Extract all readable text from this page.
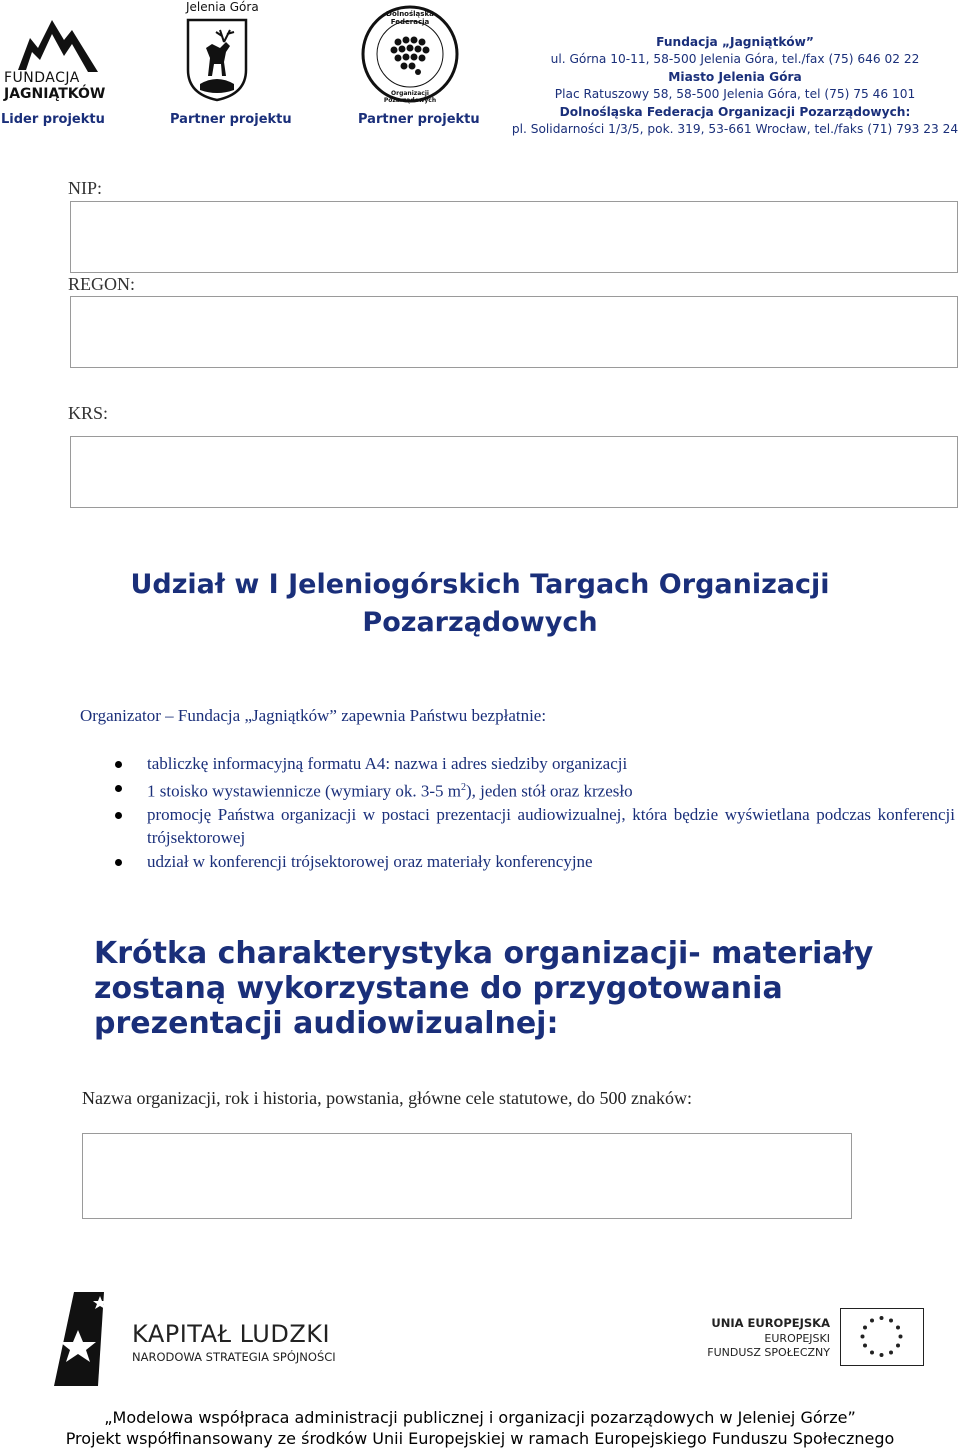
FUNDACJA
JAGNIĄTKÓW
Jelenia Góra	Dolnośląska Federacja
Organizacji Pozarządowych
Lider projektu	Partner projektu	Partner projektu
Fundacja „Jagniątków”
ul. Górna 10-11, 58-500 Jelenia Góra, tel./fax (75) 646 02 22
Miasto Jelenia Góra
Plac Ratuszowy 58, 58-500 Jelenia Góra, tel (75) 75 46 101
Dolnośląska Federacja Organizacji Pozarządowych:
pl. Solidarności 1/3/5, pok. 319, 53-661 Wrocław, tel./faks (71) 793 23 24
NIP:
REGON:
KRS:
Udział w I Jeleniogórskich Targach Organizacji
Pozarządowych
Organizator – Fundacja „Jagniątków” zapewnia Państwu bezpłatnie:
tabliczkę informacyjną formatu A4: nazwa i adres siedziby organizacji
1 stoisko wystawiennicze (wymiary ok. 3-5 $m^2$), jeden stół oraz krzesło
promocję Państwa organizacji w postaci prezentacji audiowizualnej, która będzie wyświetlana podczas konferencji trójsektorowej
udział w konferencji trójsektorowej oraz materiały konferencyjne
Krótka charakterystyka organizacji- materiały zostaną wykorzystane do przygotowania prezentacji audiowizualnej:
Nazwa organizacji, rok i historia, powstania, główne cele statutowe, do 500 znaków:
KAPITAŁ LUDZKI
NARODOWA STRATEGIA SPÓJNOŚCI
UNIA EUROPEJSKA
EUROPEJSKI
FUNDUSZ SPOŁECZNY
„Modelowa współpraca administracji publicznej i organizacji pozarządowych w Jeleniej Górze”
Projekt współfinansowany ze środków Unii Europejskiej w ramach Europejskiego Funduszu Społecznego
